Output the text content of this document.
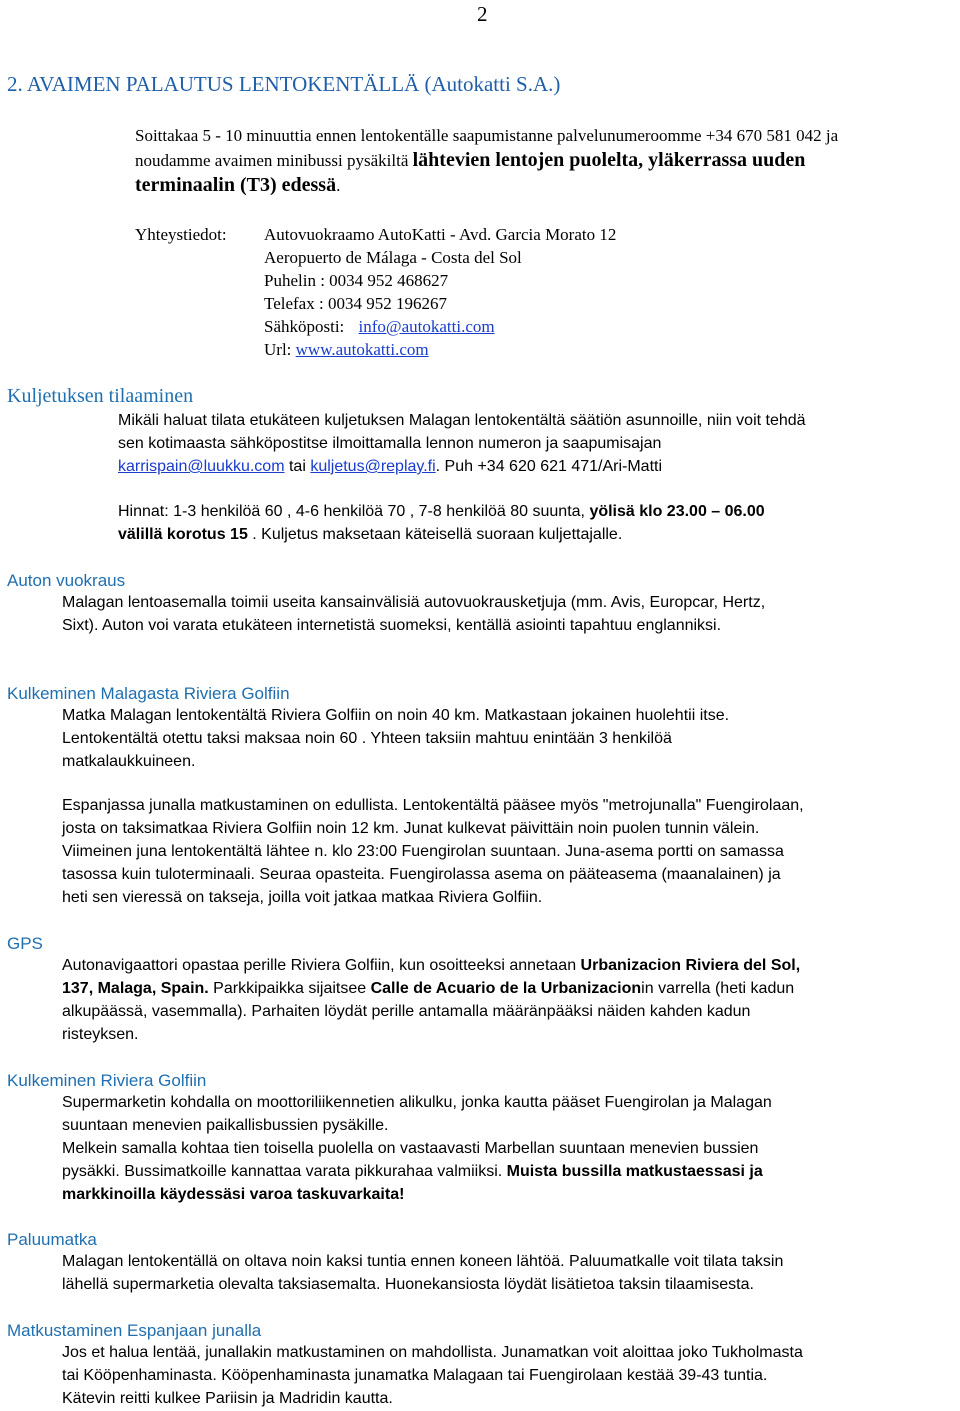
2
2. AVAIMEN PALAUTUS LENTOKENTÄLLÄ (Autokatti S.A.)
Soittakaa 5 - 10 minuuttia ennen lentokentälle saapumistanne palvelunumeroomme +34 670 581 042 ja
noudamme avaimen minibussi pysäkiltä lähtevien lentojen puolelta, yläkerrassa uuden
terminaalin (T3) edessä.
Yhteystiedot: Autovuokraamo AutoKatti - Avd. Garcia Morato 12
Aeropuerto de Málaga - Costa del Sol
Puhelin : 0034 952 468627
Telefax : 0034 952 196267
Sähköposti: info@autokatti.com
Url: www.autokatti.com
Kuljetuksen tilaaminen
Mikäli haluat tilata etukäteen kuljetuksen Malagan lentokentältä säätiön asunnoille, niin voit tehdä
sen kotimaasta sähköpostitse ilmoittamalla lennon numeron ja saapumisajan
karrispain@luukku.com tai kuljetus@replay.fi. Puh +34 620 621 471/Ari-Matti
Hinnat: 1-3 henkilöä 60 , 4-6 henkilöä 70 , 7-8 henkilöä 80 suunta, yölisä klo 23.00 – 06.00
välillä korotus 15 . Kuljetus maksetaan käteisellä suoraan kuljettajalle.
Auton vuokraus
Malagan lentoasemalla toimii useita kansainvälisiä autovuokrausketjuja (mm. Avis, Europcar, Hertz,
Sixt). Auton voi varata etukäteen internetistä suomeksi, kentällä asiointi tapahtuu englanniksi.
Kulkeminen Malagasta Riviera Golfiin
Matka Malagan lentokentältä Riviera Golfiin on noin 40 km. Matkastaan jokainen huolehtii itse.
Lentokentältä otettu taksi maksaa noin 60 . Yhteen taksiin mahtuu enintään 3 henkilöä
matkalaukkuineen.
Espanjassa junalla matkustaminen on edullista. Lentokentältä pääsee myös "metrojunalla" Fuengirolaan,
josta on taksimatkaa Riviera Golfiin noin 12 km. Junat kulkevat päivittäin noin puolen tunnin välein.
Viimeinen juna lentokentältä lähtee n. klo 23:00 Fuengirolan suuntaan. Juna-asema portti on samassa
tasossa kuin tuloterminaali. Seuraa opasteita. Fuengirolassa asema on pääteasema (maanalainen) ja
heti sen vieressä on takseja, joilla voit jatkaa matkaa Riviera Golfiin.
GPS
Autonavigaattori opastaa perille Riviera Golfiin, kun osoitteeksi annetaan Urbanizacion Riviera del Sol,
137, Malaga, Spain. Parkkipaikka sijaitsee Calle de Acuario de la Urbanizacionin varrella (heti kadun
alkupäässä, vasemmalla). Parhaiten löydät perille antamalla määränpääksi näiden kahden kadun
risteyksen.
Kulkeminen Riviera Golfiin
Supermarketin kohdalla on moottoriliikennetien alikulku, jonka kautta pääset Fuengirolan ja Malagan
suuntaan menevien paikallisbussien pysäkille.
Melkein samalla kohtaa tien toisella puolella on vastaavasti Marbellan suuntaan menevien bussien
pysäkki. Bussimatkoille kannattaa varata pikkurahaa valmiiksi. Muista bussilla matkustaessasi ja
markkinoilla käydessäsi varoa taskuvarkaita!
Paluumatka
Malagan lentokentällä on oltava noin kaksi tuntia ennen koneen lähtöä. Paluumatkalle voit tilata taksin
lähellä supermarketia olevalta taksiasemalta. Huonekansiosta löydät lisätietoa taksin tilaamisesta.
Matkustaminen Espanjaan junalla
Jos et halua lentää, junallakin matkustaminen on mahdollista. Junamatkan voit aloittaa joko Tukholmasta
tai Kööpenhaminasta. Kööpenhaminasta junamatka Malagaan tai Fuengirolaan kestää 39-43 tuntia.
Kätevin reitti kulkee Pariisin ja Madridin kautta.
